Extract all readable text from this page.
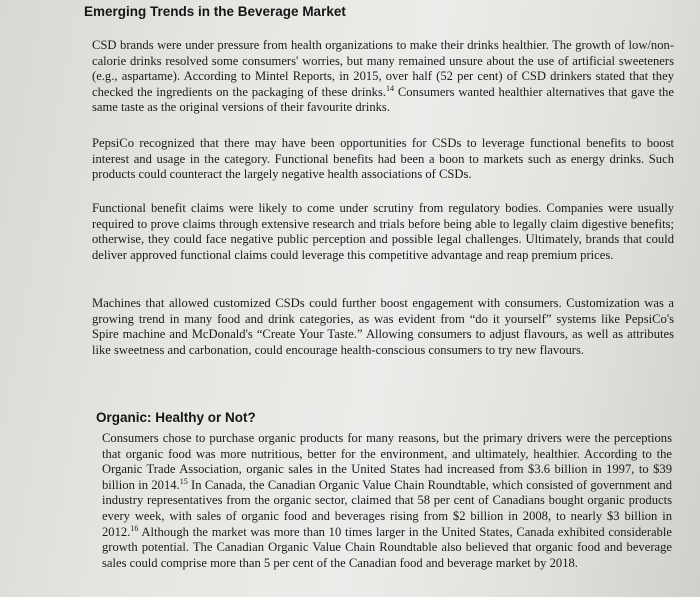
Emerging Trends in the Beverage Market

CSD brands were under pressure from health organizations to make their drinks healthier. The growth of low/non-calorie drinks resolved some consumers' worries, but many remained unsure about the use of artificial sweeteners (e.g., aspartame). According to Mintel Reports, in 2015, over half (52 per cent) of CSD drinkers stated that they checked the ingredients on the packaging of these drinks.$^{14}$ Consumers wanted healthier alternatives that gave the same taste as the original versions of their favourite drinks.

PepsiCo recognized that there may have been opportunities for CSDs to leverage functional benefits to boost interest and usage in the category. Functional benefits had been a boon to markets such as energy drinks. Such products could counteract the largely negative health associations of CSDs.

Functional benefit claims were likely to come under scrutiny from regulatory bodies. Companies were usually required to prove claims through extensive research and trials before being able to legally claim digestive benefits; otherwise, they could face negative public perception and possible legal challenges. Ultimately, brands that could deliver approved functional claims could leverage this competitive advantage and reap premium prices.

Machines that allowed customized CSDs could further boost engagement with consumers. Customization was a growing trend in many food and drink categories, as was evident from “do it yourself” systems like PepsiCo's Spire machine and McDonald's “Create Your Taste.” Allowing consumers to adjust flavours, as well as attributes like sweetness and carbonation, could encourage health-conscious consumers to try new flavours.

Organic: Healthy or Not?

Consumers chose to purchase organic products for many reasons, but the primary drivers were the perceptions that organic food was more nutritious, better for the environment, and ultimately, healthier. According to the Organic Trade Association, organic sales in the United States had increased from $3.6 billion in 1997, to $39 billion in 2014.15 In Canada, the Canadian Organic Value Chain Roundtable, which consisted of government and industry representatives from the organic sector, claimed that 58 per cent of Canadians bought organic products every week, with sales of organic food and beverages rising from $2 billion in 2008, to nearly $3 billion in 2012.16 Although the market was more than 10 times larger in the United States, Canada exhibited considerable growth potential. The Canadian Organic Value Chain Roundtable also believed that organic food and beverage sales could comprise more than 5 per cent of the Canadian food and beverage market by 2018.
